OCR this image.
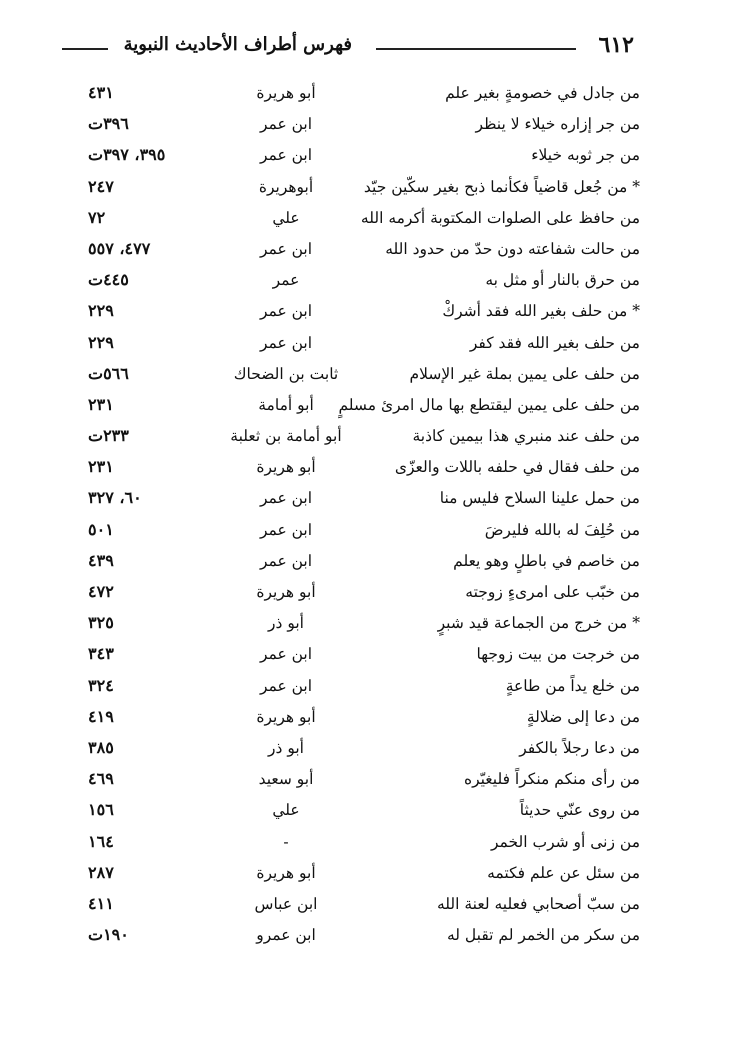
٦١٢
فهرس أطراف الأحاديث النبوية
من جادل في خصومةٍ بغير علم
أبو هريرة
٤٣١
من جر إزاره خيلاء لا ينظر
ابن عمر
٣٩٦ت
من جر ثوبه خيلاء
ابن عمر
٣٩٥، ٣٩٧ت
* من جُعل قاضياً فكأنما ذبح بغير سكّين جيّد
أبوهريرة
٢٤٧
من حافظ على الصلوات المكتوبة أكرمه الله
علي
٧٢
من حالت شفاعته دون حدّ من حدود الله
ابن عمر
٤٧٧، ٥٥٧
من حرق بالنار أو مثل به
عمر
٤٤٥ت
* من حلف بغير الله فقد أشركْ
ابن عمر
٢٢٩
من حلف بغير الله فقد كفر
ابن عمر
٢٢٩
من حلف على يمين بملة غير الإسلام
ثابت بن الضحاك
٥٦٦ت
من حلف على يمين ليقتطع بها مال امرئ مسلمٍ
أبو أمامة
٢٣١
من حلف عند منبري هذا بيمين كاذبة
أبو أمامة بن ثعلبة
٢٣٣ت
من حلف فقال في حلفه باللات والعزّى
أبو هريرة
٢٣١
من حمل علينا السلاح فليس منا
ابن عمر
٦٠، ٣٢٧
من حُلِفَ له بالله فليرضَ
ابن عمر
٥٠١
من خاصم في باطلٍ وهو يعلم
ابن عمر
٤٣٩
من خبّب على امرىءٍ زوجته
أبو هريرة
٤٧٢
* من خرج من الجماعة قيد شبرٍ
أبو ذر
٣٢٥
من خرجت من بيت زوجها
ابن عمر
٣٤٣
من خلع يداً من طاعةٍ
ابن عمر
٣٢٤
من دعا إلى ضلالةٍ
أبو هريرة
٤١٩
من دعا رجلاً بالكفر
أبو ذر
٣٨٥
من رأى منكم منكراً فليغيّره
أبو سعيد
٤٦٩
من روى عنّي حديثاً
علي
١٥٦
من زنى أو شرب الخمر
-
١٦٤
من سئل عن علم فكتمه
أبو هريرة
٢٨٧
من سبّ أصحابي فعليه لعنة الله
ابن عباس
٤١١
من سكر من الخمر لم تقبل له
ابن عمرو
١٩٠ت
